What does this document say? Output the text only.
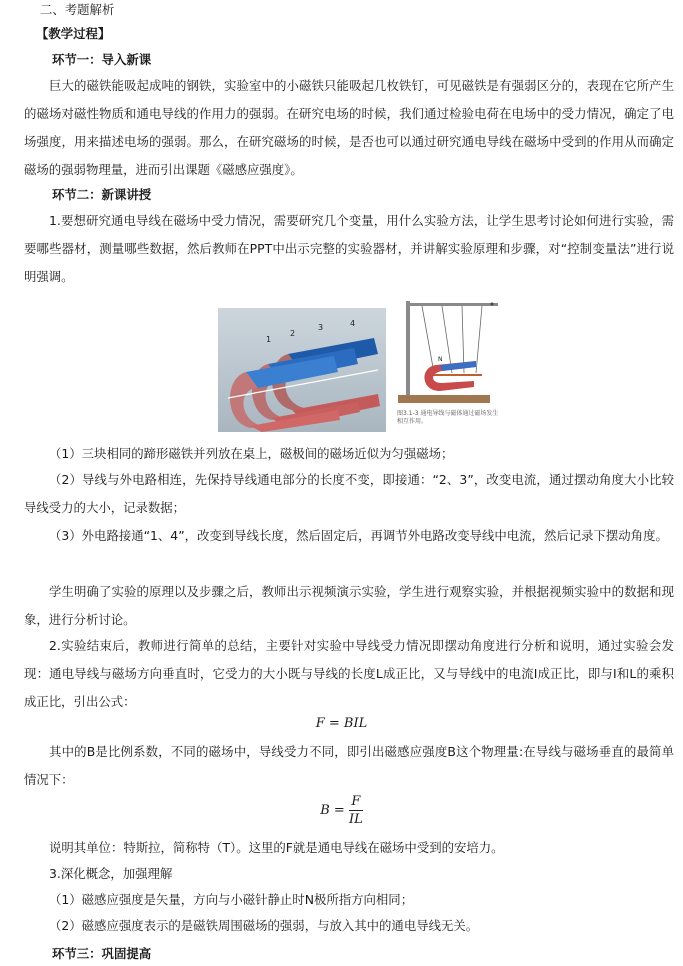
二、考题解析
【教学过程】
环节一：导入新课
巨大的磁铁能吸起成吨的钢铁，实验室中的小磁铁只能吸起几枚铁钉，可见磁铁是有强弱区分的，表现在它所产生的磁场对磁性物质和通电导线的作用力的强弱。在研究电场的时候，我们通过检验电荷在电场中的受力情况，确定了电场强度，用来描述电场的强弱。那么，在研究磁场的时候，是否也可以通过研究通电导线在磁场中受到的作用从而确定磁场的强弱物理量，进而引出课题《磁感应强度》。
环节二：新课讲授
1.要想研究通电导线在磁场中受力情况，需要研究几个变量，用什么实验方法，让学生思考讨论如何进行实验，需要哪些器材，测量哪些数据，然后教师在PPT中出示完整的实验器材，并讲解实验原理和步骤，对“控制变量法”进行说明强调。
1
2
3	4
N
图3.1-3 通电导线与磁体通过磁场发生相互作用。
（1）三块相同的蹄形磁铁并列放在桌上，磁极间的磁场近似为匀强磁场；
（2）导线与外电路相连，先保持导线通电部分的长度不变，即接通：“2、3”，改变电流，通过摆动角度大小比较导线受力的大小，记录数据；
（3）外电路接通“1、4”，改变到导线长度，然后固定后，再调节外电路改变导线中电流，然后记录下摆动角度。
学生明确了实验的原理以及步骤之后，教师出示视频演示实验，学生进行观察实验，并根据视频实验中的数据和现象，进行分析讨论。
2.实验结束后，教师进行简单的总结，主要针对实验中导线受力情况即摆动角度进行分析和说明，通过实验会发现：通电导线与磁场方向垂直时，它受力的大小既与导线的长度L成正比，又与导线中的电流I成正比，即与I和L的乘积成正比，引出公式：
F = BIL
其中的B是比例系数，不同的磁场中，导线受力不同，即引出磁感应强度B这个物理量:在导线与磁场垂直的最简单情况下：
$B = \frac{F}{IL}$
说明其单位：特斯拉，简称特（T）。这里的F就是通电导线在磁场中受到的安培力。
3.深化概念，加强理解
（1）磁感应强度是矢量，方向与小磁针静止时N极所指方向相同；
（2）磁感应强度表示的是磁铁周围磁场的强弱，与放入其中的通电导线无关。
环节三：巩固提高
